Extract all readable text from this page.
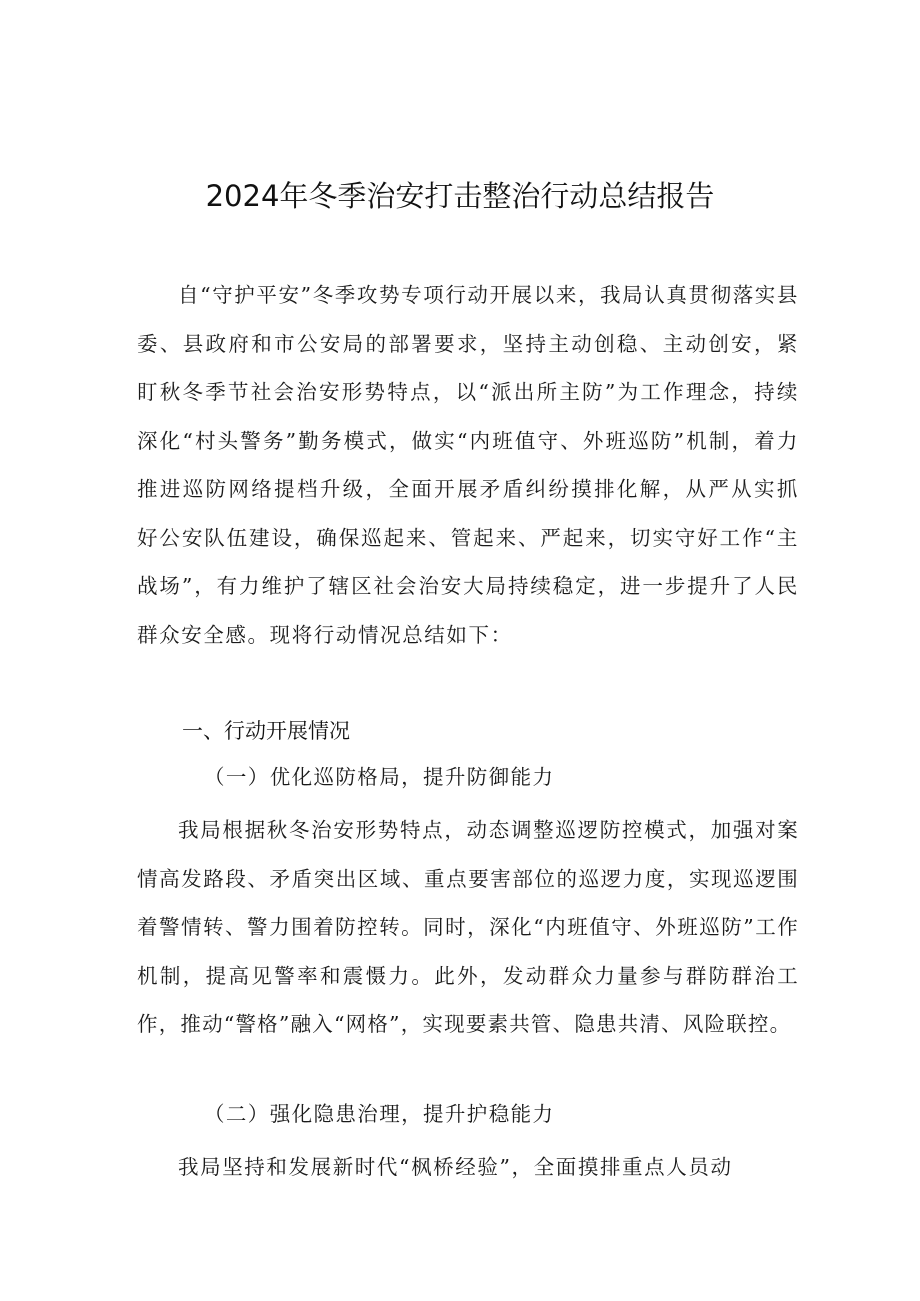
2024年冬季治安打击整治行动总结报告

自“守护平安”冬季攻势专项行动开展以来，我局认真贯彻落实县委、县政府和市公安局的部署要求，坚持主动创稳、主动创安，紧盯秋冬季节社会治安形势特点，以“派出所主防”为工作理念，持续深化“村头警务”勤务模式，做实“内班值守、外班巡防”机制，着力推进巡防网络提档升级，全面开展矛盾纠纷摸排化解，从严从实抓好公安队伍建设，确保巡起来、管起来、严起来，切实守好工作“主战场”，有力维护了辖区社会治安大局持续稳定，进一步提升了人民群众安全感。现将行动情况总结如下：

一、行动开展情况
（一）优化巡防格局，提升防御能力

我局根据秋冬治安形势特点，动态调整巡逻防控模式，加强对案情高发路段、矛盾突出区域、重点要害部位的巡逻力度，实现巡逻围着警情转、警力围着防控转。同时，深化“内班值守、外班巡防”工作机制，提高见警率和震慑力。此外，发动群众力量参与群防群治工作，推动“警格”融入“网格”，实现要素共管、隐患共清、风险联控。

（二）强化隐患治理，提升护稳能力

我局坚持和发展新时代“枫桥经验”，全面摸排重点人员动
